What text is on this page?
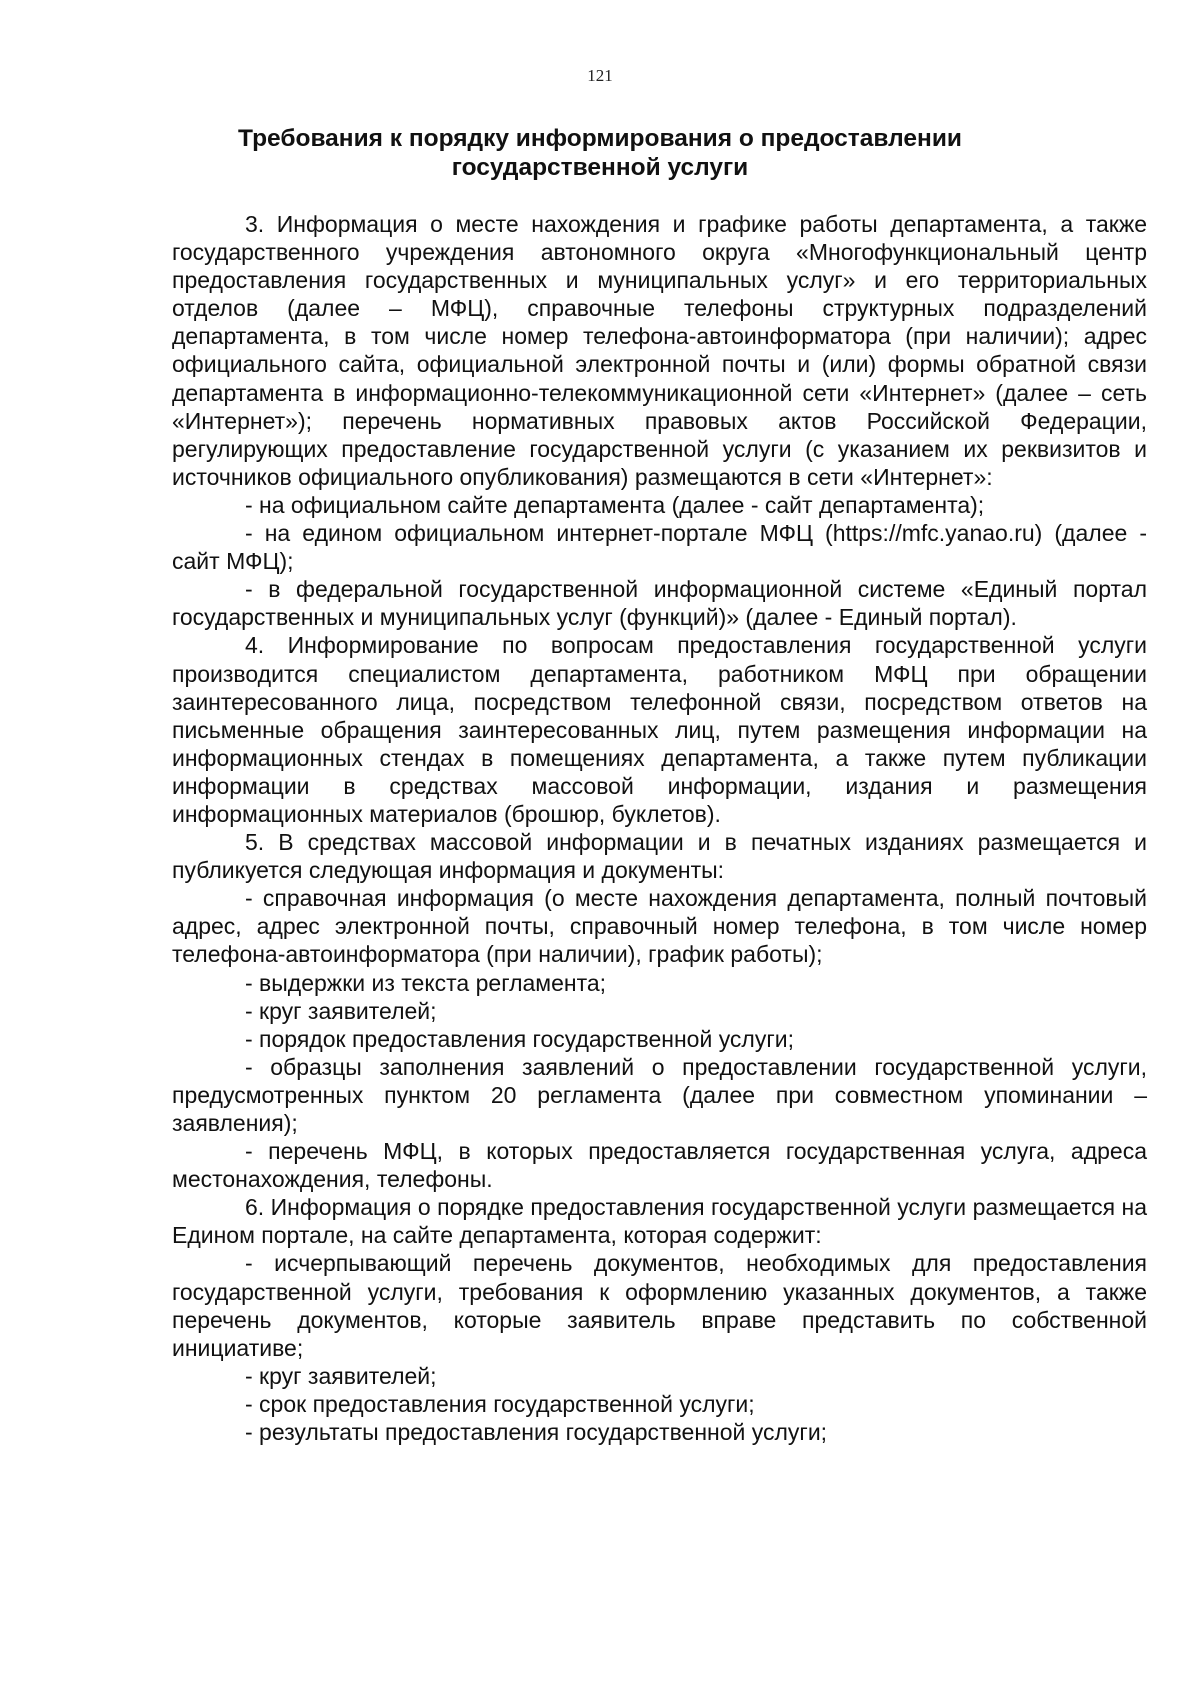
121
Требования к порядку информирования о предоставлении
государственной услуги

3. Информация о месте нахождения и графике работы департамента, а также государственного учреждения автономного округа «Многофункциональный центр предоставления государственных и муниципальных услуг» и его территориальных отделов (далее – МФЦ), справочные телефоны структурных подразделений департамента, в том числе номер телефона-автоинформатора (при наличии); адрес официального сайта, официальной электронной почты и (или) формы обратной связи департамента в информационно-телекоммуникационной сети «Интернет» (далее – сеть «Интернет»); перечень нормативных правовых актов Российской Федерации, регулирующих предоставление государственной услуги (с указанием их реквизитов и источников официального опубликования) размещаются в сети «Интернет»:

- на официальном сайте департамента (далее - сайт департамента);

- на едином официальном интернет-портале МФЦ (https://mfc.yanao.ru) (далее - сайт МФЦ);

- в федеральной государственной информационной системе «Единый портал государственных и муниципальных услуг (функций)» (далее - Единый портал).

4. Информирование по вопросам предоставления государственной услуги производится специалистом департамента, работником МФЦ при обращении заинтересованного лица, посредством телефонной связи, посредством ответов на письменные обращения заинтересованных лиц, путем размещения информации на информационных стендах в помещениях департамента, а также путем публикации информации в средствах массовой информации, издания и размещения информационных материалов (брошюр, буклетов).

5. В средствах массовой информации и в печатных изданиях размещается и публикуется следующая информация и документы:

- справочная информация (о месте нахождения департамента, полный почтовый адрес, адрес электронной почты, справочный номер телефона, в том числе номер телефона-автоинформатора (при наличии), график работы);

- выдержки из текста регламента;

- круг заявителей;

- порядок предоставления государственной услуги;

- образцы заполнения заявлений о предоставлении государственной услуги, предусмотренных пунктом 20 регламента (далее при совместном упоминании – заявления);

- перечень МФЦ, в которых предоставляется государственная услуга, адреса местонахождения, телефоны.

6. Информация о порядке предоставления государственной услуги размещается на Едином портале, на сайте департамента, которая содержит:

- исчерпывающий перечень документов, необходимых для предоставления государственной услуги, требования к оформлению указанных документов, а также перечень документов, которые заявитель вправе представить по собственной инициативе;

- круг заявителей;

- срок предоставления государственной услуги;

- результаты предоставления государственной услуги;
